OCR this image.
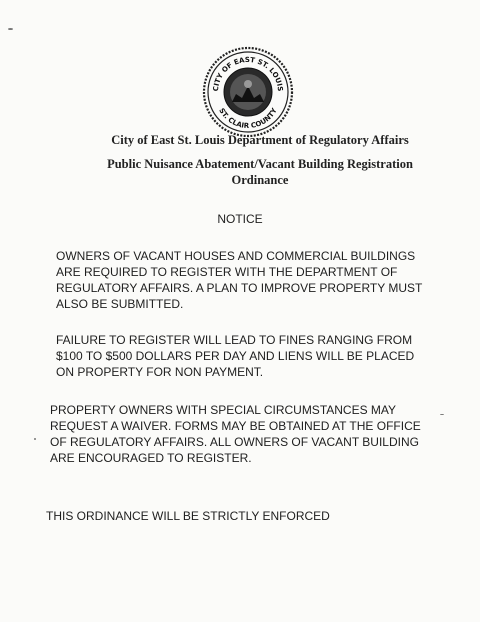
CITY OF EAST ST. LOUIS
ST. CLAIR COUNTY
City of East St. Louis Department of Regulatory Affairs
Public Nuisance Abatement/Vacant Building Registration
Ordinance
NOTICE
OWNERS OF VACANT HOUSES AND COMMERCIAL BUILDINGS ARE REQUIRED TO REGISTER WITH THE DEPARTMENT OF REGULATORY AFFAIRS. A PLAN TO IMPROVE PROPERTY MUST ALSO BE SUBMITTED.
FAILURE TO REGISTER WILL LEAD TO FINES RANGING FROM $100 TO $500 DOLLARS PER DAY AND LIENS WILL BE PLACED ON PROPERTY FOR NON PAYMENT.
PROPERTY OWNERS WITH SPECIAL CIRCUMSTANCES MAY REQUEST A WAIVER. FORMS MAY BE OBTAINED AT THE OFFICE OF REGULATORY AFFAIRS. ALL OWNERS OF VACANT BUILDING ARE ENCOURAGED TO REGISTER.
THIS ORDINANCE WILL BE STRICTLY ENFORCED
